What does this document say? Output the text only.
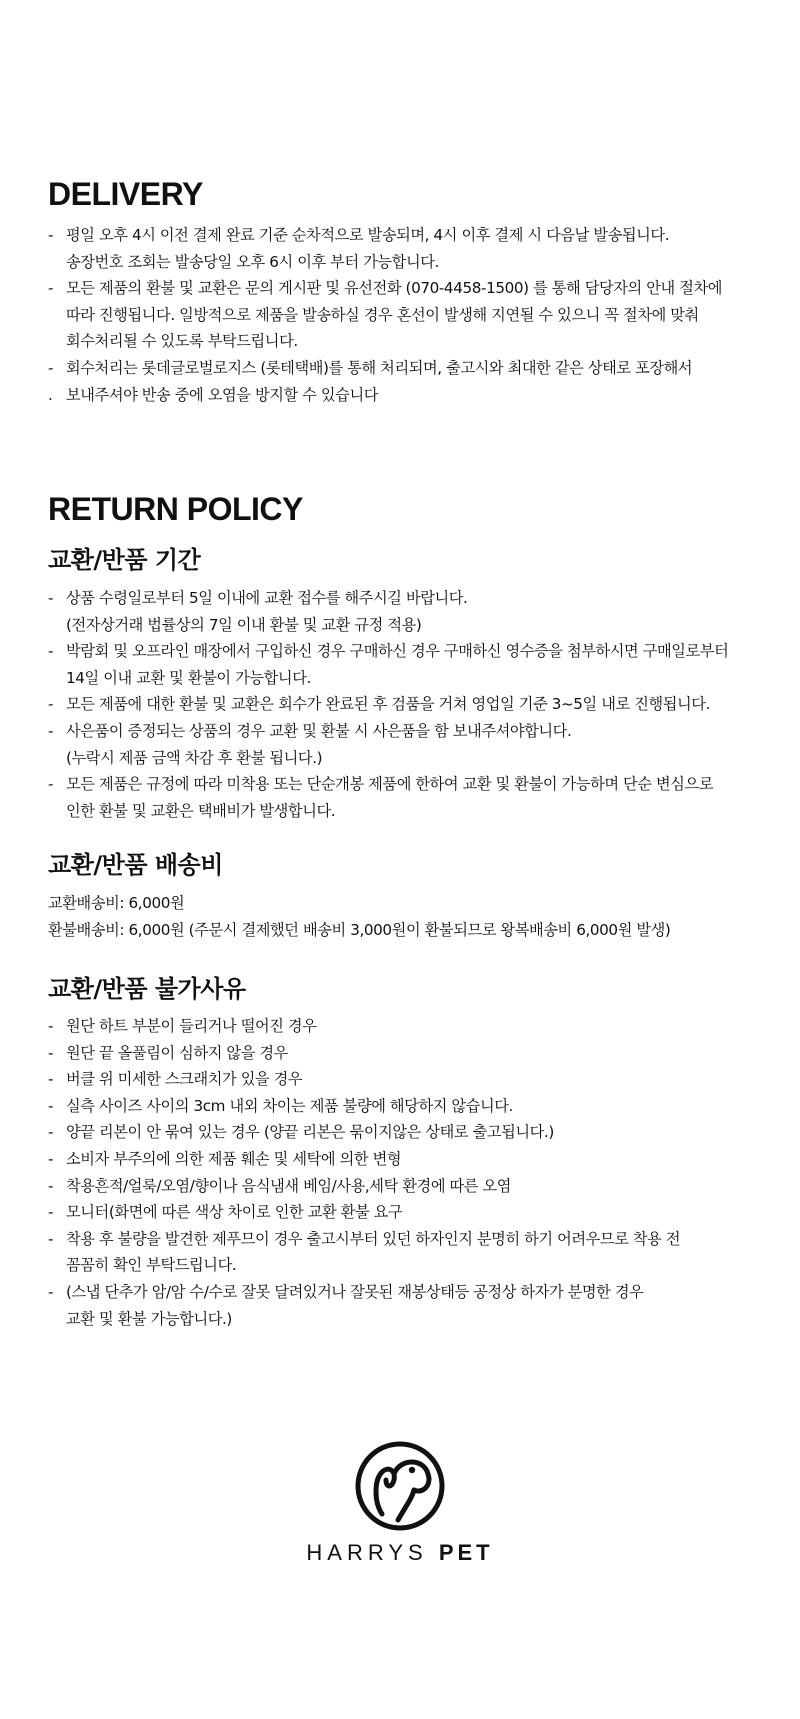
DELIVERY
- 평일 오후 4시 이전 결제 완료 기준 순차적으로 발송되며, 4시 이후 결제 시 다음날 발송됩니다.
송장번호 조회는 발송당일 오후 6시 이후 부터 가능합니다.
- 모든 제품의 환불 및 교환은 문의 게시판 및 유선전화 (070-4458-1500) 를 통해 담당자의 안내 절차에
따라 진행됩니다. 일방적으로 제품을 발송하실 경우 혼선이 발생해 지연될 수 있으니 꼭 절차에 맞춰
회수처리될 수 있도록 부탁드립니다.
- 회수처리는 롯데글로벌로지스 (롯테택배)를 통해 처리되며, 출고시와 최대한 같은 상태로 포장해서
. 보내주셔야 반송 중에 오염을 방지할 수 있습니다
RETURN POLICY
교환/반품 기간
- 상품 수령일로부터 5일 이내에 교환 접수를 해주시길 바랍니다.
(전자상거래 법률상의 7일 이내 환불 및 교환 규정 적용)
- 박람회 및 오프라인 매장에서 구입하신 경우 구매하신 경우 구매하신 영수증을 첨부하시면 구매일로부터
14일 이내 교환 및 환불이 가능합니다.
- 모든 제품에 대한 환불 및 교환은 회수가 완료된 후 검품을 거쳐 영업일 기준 3~5일 내로 진행됩니다.
- 사은품이 증정되는 상품의 경우 교환 및 환불 시 사은품을 함 보내주셔야합니다.
(누락시 제품 금액 차감 후 환불 됩니다.)
- 모든 제품은 규정에 따라 미착용 또는 단순개봉 제품에 한하여 교환 및 환불이 가능하며 단순 변심으로
인한 환불 및 교환은 택배비가 발생합니다.
교환/반품 배송비

교환배송비: 6,000원

환불배송비: 6,000원 (주문시 결제했던 배송비 3,000원이 환불되므로 왕복배송비 6,000원 발생)

교환/반품 불가사유
- 원단 하트 부분이 들리거나 떨어진 경우
- 원단 끝 올풀림이 심하지 않을 경우
- 버클 위 미세한 스크래치가 있을 경우
- 실측 사이즈 사이의 3cm 내외 차이는 제품 불량에 해당하지 않습니다.
- 양끝 리본이 안 묶여 있는 경우 (양끝 리본은 묶이지않은 상태로 출고됩니다.)
- 소비자 부주의에 의한 제품 훼손 및 세탁에 의한 변형
- 착용흔적/얼룩/오염/향이나 음식냄새 베임/사용,세탁 환경에 따른 오염
- 모니터(화면에 따른 색상 차이로 인한 교환 환불 요구
- 착용 후 불량을 발견한 제푸므이 경우 출고시부터 있던 하자인지 분명히 하기 어려우므로 착용 전
꼼꼼히 확인 부탁드립니다.
- (스냅 단추가 암/암 수/수로 잘못 달려있거나 잘못된 재봉상태등 공정상 하자가 분명한 경우
교환 및 환불 가능합니다.)
HARRYS PET
